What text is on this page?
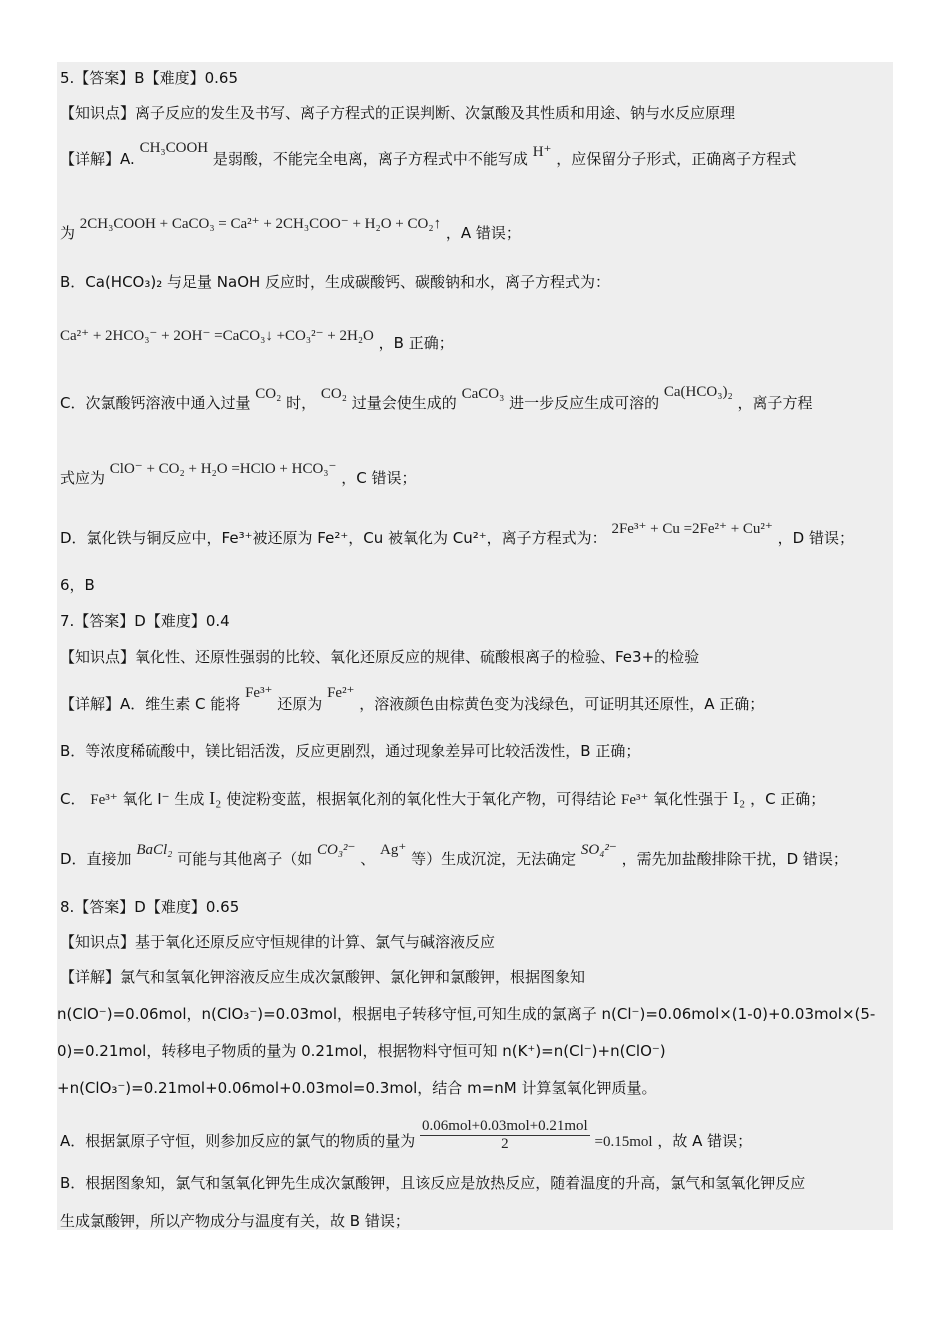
5.【答案】B【难度】0.65
【知识点】离子反应的发生及书写、离子方程式的正误判断、次氯酸及其性质和用途、钠与水反应原理
【详解】A. CH₃COOH 是弱酸，不能完全电离，离子方程式中不能写成 H⁺ ，应保留分子形式，正确离子方程式
为 2CH₃COOH + CaCO₃ = Ca²⁺ + 2CH₃COO⁻ + H₂O + CO₂↑ ，A 错误；
B．Ca(HCO₃)₂ 与足量 NaOH 反应时，生成碳酸钙、碳酸钠和水，离子方程式为：
Ca²⁺ + 2HCO₃⁻ + 2OH⁻ =CaCO₃↓ +CO₃²⁻ + 2H₂O ，B 正确；
C．次氯酸钙溶液中通入过量 CO₂ 时， CO₂ 过量会使生成的 CaCO₃ 进一步反应生成可溶的 Ca(HCO₃)₂ ，离子方程
式应为 ClO⁻ + CO₂ + H₂O =HClO + HCO₃⁻ ，C 错误；
D．氯化铁与铜反应中，Fe³⁺被还原为 Fe²⁺，Cu 被氧化为 Cu²⁺，离子方程式为： 2Fe³⁺ + Cu =2Fe²⁺ + Cu²⁺ ，D 错误；
6，B
7.【答案】D【难度】0.4
【知识点】氧化性、还原性强弱的比较、氧化还原反应的规律、硫酸根离子的检验、Fe3+的检验
【详解】A．维生素 C 能将 Fe³⁺ 还原为 Fe²⁺ ，溶液颜色由棕黄色变为浅绿色，可证明其还原性，A 正确；
B．等浓度稀硫酸中，镁比铝活泼，反应更剧烈，通过现象差异可比较活泼性，B 正确；
C． Fe³⁺ 氧化 I⁻ 生成 I₂ 使淀粉变蓝，根据氧化剂的氧化性大于氧化产物，可得结论 Fe³⁺ 氧化性强于 I₂ ，C 正确；
D．直接加 BaCl₂ 可能与其他离子（如 CO₃²⁻ 、 Ag⁺ 等）生成沉淀，无法确定 SO₄²⁻ ，需先加盐酸排除干扰，D 错误；
8.【答案】D【难度】0.65
【知识点】基于氧化还原反应守恒规律的计算、氯气与碱溶液反应
【详解】氯气和氢氧化钾溶液反应生成次氯酸钾、氯化钾和氯酸钾，根据图象知
n(ClO⁻)=0.06mol，n(ClO₃⁻)=0.03mol，根据电子转移守恒,可知生成的氯离子 n(Cl⁻)=0.06mol×(1-0)+0.03mol×(5-
0)=0.21mol，转移电子物质的量为 0.21mol，根据物料守恒可知 n(K⁺)=n(Cl⁻)+n(ClO⁻)
+n(ClO₃⁻)=0.21mol+0.06mol+0.03mol=0.3mol，结合 m=nM 计算氢氧化钾质量。
A．根据氯原子守恒，则参加反应的氯气的物质的量为
0.06mol+0.03mol+0.21mol
2	=0.15mol ，故 A 错误；
B．根据图象知，氯气和氢氧化钾先生成次氯酸钾，且该反应是放热反应，随着温度的升高，氯气和氢氧化钾反应
生成氯酸钾，所以产物成分与温度有关，故 B 错误；
